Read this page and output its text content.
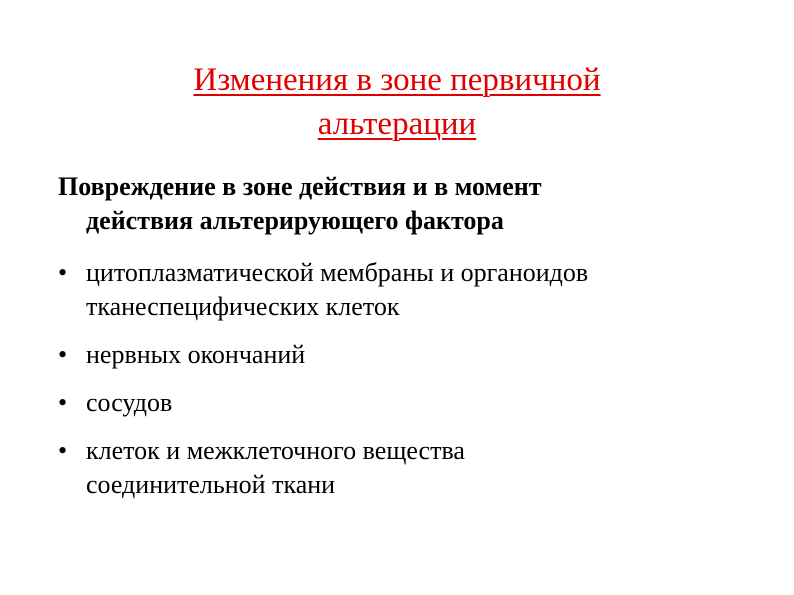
Изменения в зоне первичной
альтерации
Повреждение в зоне действия и в момент
действия альтерирующего фактора
• цитоплазматической мембраны и органоидов
тканеспецифических клеток
• нервных окончаний
• сосудов
• клеток и межклеточного вещества
соединительной ткани
